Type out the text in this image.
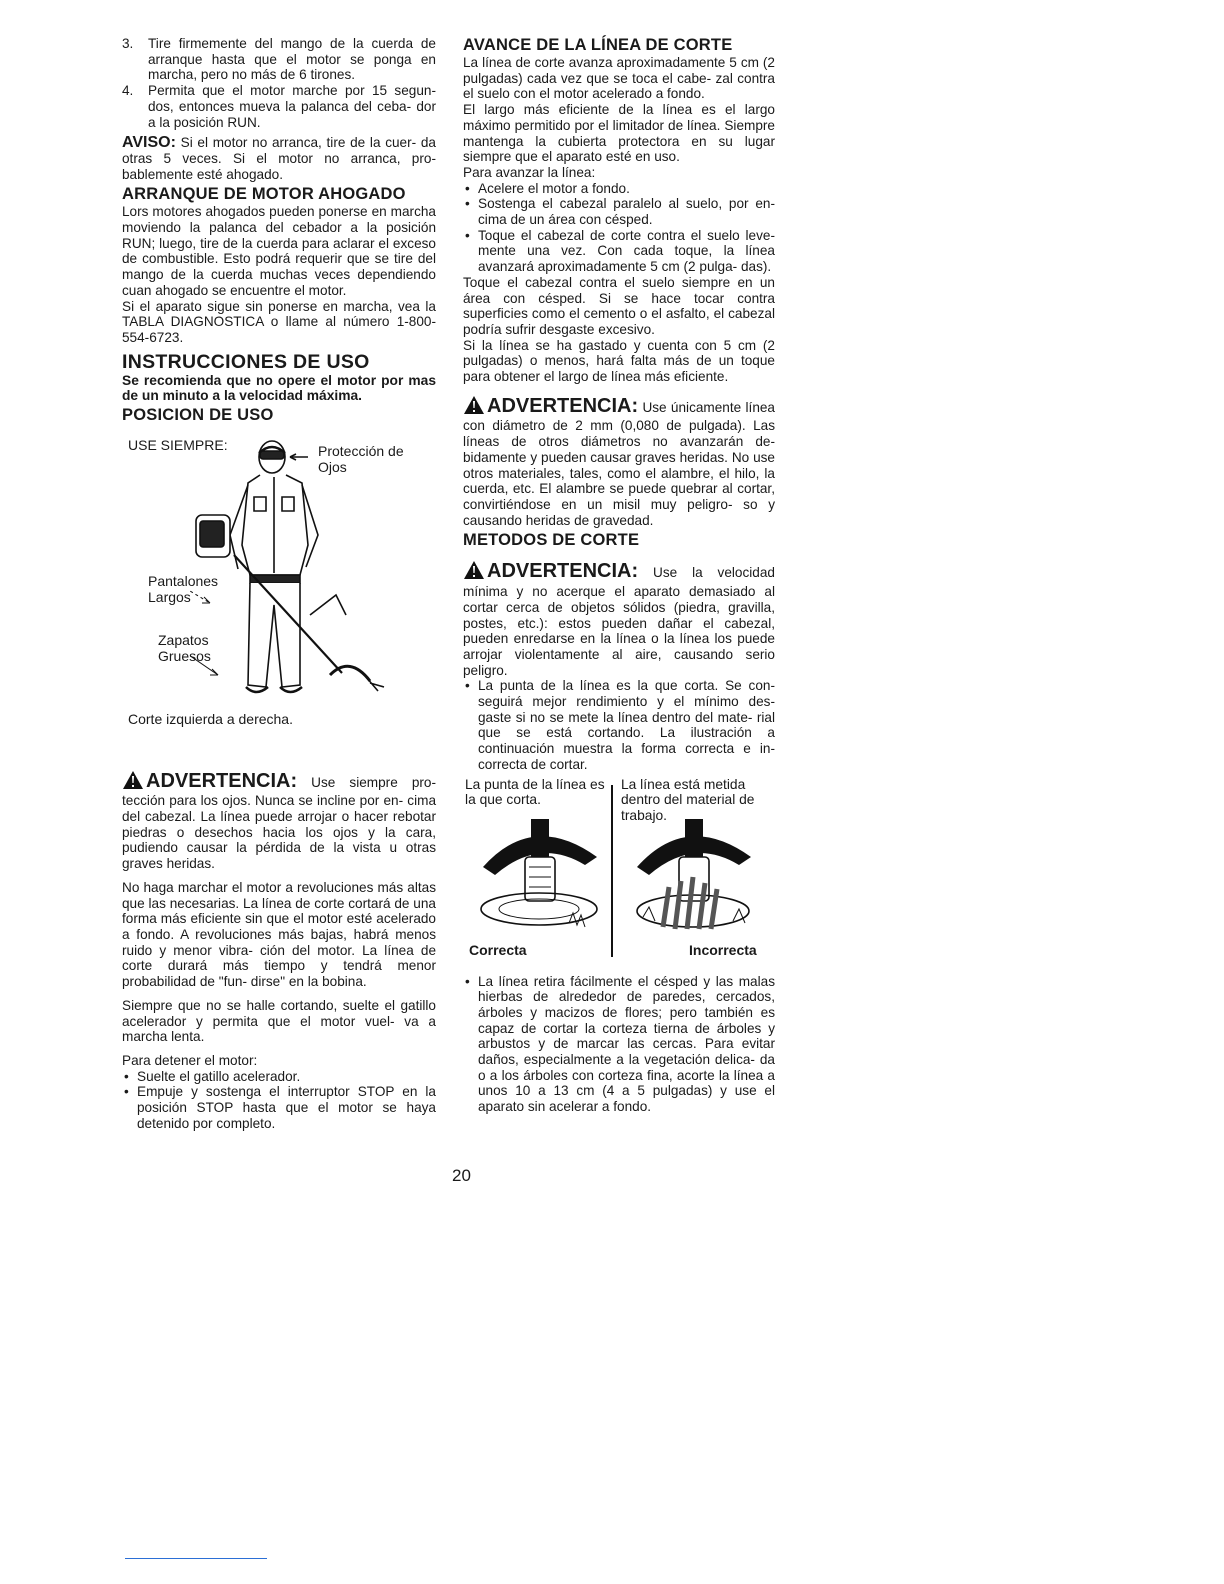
3.	Tire firmemente del mango de la cuerda de arranque hasta que el motor se ponga en marcha, pero no más de 6 tirones.
4.	Permita que el motor marche por 15 segun- dos, entonces mueva la palanca del ceba- dor a la posición RUN.

AVISO: Si el motor no arranca, tire de la cuer- da otras 5 veces. Si el motor no arranca, pro- bablemente esté ahogado.

ARRANQUE DE MOTOR AHOGADO

Lors motores ahogados pueden ponerse en marcha moviendo la palanca del cebador a la posición RUN; luego, tire de la cuerda para aclarar el exceso de combustible. Esto podrá requerir que se tire del mango de la cuerda muchas veces dependiendo cuan ahogado se encuentre el motor.

Si el aparato sigue sin ponerse en marcha, vea la TABLA DIAGNOSTICA o llame al número 1-800-554-6723.

INSTRUCCIONES DE USO

Se recomienda que no opere el motor por mas de un minuto a la velocidad máxima.

POSICION DE USO
USE SIEMPRE:	Protección de Ojos
Pantalones Largos
Zapatos Gruesos
Corte izquierda a derecha.

ADVERTENCIA: Use siempre pro- tección para los ojos. Nunca se incline por en- cima del cabezal. La línea puede arrojar o hacer rebotar piedras o desechos hacia los ojos y la cara, pudiendo causar la pérdida de la vista u otras graves heridas.

No haga marchar el motor a revoluciones más altas que las necesarias. La línea de corte cortará de una forma más eficiente sin que el motor esté acelerado a fondo. A revoluciones más bajas, habrá menos ruido y menor vibra- ción del motor. La línea de corte durará más tiempo y tendrá menor probabilidad de "fun- dirse" en la bobina.

Siempre que no se halle cortando, suelte el gatillo acelerador y permita que el motor vuel- va a marcha lenta.

Para detener el motor:

• Suelte el gatillo acelerador.
• Empuje y sostenga el interruptor STOP en la posición STOP hasta que el motor se haya detenido por completo.
AVANCE DE LA LÍNEA DE CORTE

La línea de corte avanza aproximadamente 5 cm (2 pulgadas) cada vez que se toca el cabe- zal contra el suelo con el motor acelerado a fondo.

El largo más eficiente de la línea es el largo máximo permitido por el limitador de línea. Siempre mantenga la cubierta protectora en su lugar siempre que el aparato esté en uso.

Para avanzar la línea:

• Acelere el motor a fondo.
• Sostenga el cabezal paralelo al suelo, por en- cima de un área con césped.
• Toque el cabezal de corte contra el suelo leve- mente una vez. Con cada toque, la línea avanzará aproximadamente 5 cm (2 pulga- das).

Toque el cabezal contra el suelo siempre en un área con césped. Si se hace tocar contra superficies como el cemento o el asfalto, el cabezal podría sufrir desgaste excesivo.

Si la línea se ha gastado y cuenta con 5 cm (2 pulgadas) o menos, hará falta más de un toque para obtener el largo de línea más eficiente.

ADVERTENCIA: Use únicamente línea con diámetro de 2 mm (0,080 de pulgada). Las líneas de otros diámetros no avanzarán de- bidamente y pueden causar graves heridas. No use otros materiales, tales, como el alambre, el hilo, la cuerda, etc. El alambre se puede quebrar al cortar, convirtiéndose en un misil muy peligro- so y causando heridas de gravedad.

METODOS DE CORTE

ADVERTENCIA: Use la velocidad mínima y no acerque el aparato demasiado al cortar cerca de objetos sólidos (piedra, gravilla, postes, etc.): estos pueden dañar el cabezal, pueden enredarse en la línea o la línea los puede arrojar violentamente al aire, causando serio peligro.

• La punta de la línea es la que corta. Se con- seguirá mejor rendimiento y el mínimo des- gaste si no se mete la línea dentro del mate- rial que se está cortando. La ilustración a continuación muestra la forma correcta e in- correcta de cortar.
La punta de la línea es la que corta.
La línea está metida dentro del material de trabajo.
Correcta	Incorrecta
• La línea retira fácilmente el césped y las malas hierbas de alrededor de paredes, cercados, árboles y macizos de flores; pero también es capaz de cortar la corteza tierna de árboles y arbustos y de marcar las cercas. Para evitar daños, especialmente a la vegetación delica- da o a los árboles con corteza fina, acorte la línea a unos 10 a 13 cm (4 a 5 pulgadas) y use el aparato sin acelerar a fondo.
20
